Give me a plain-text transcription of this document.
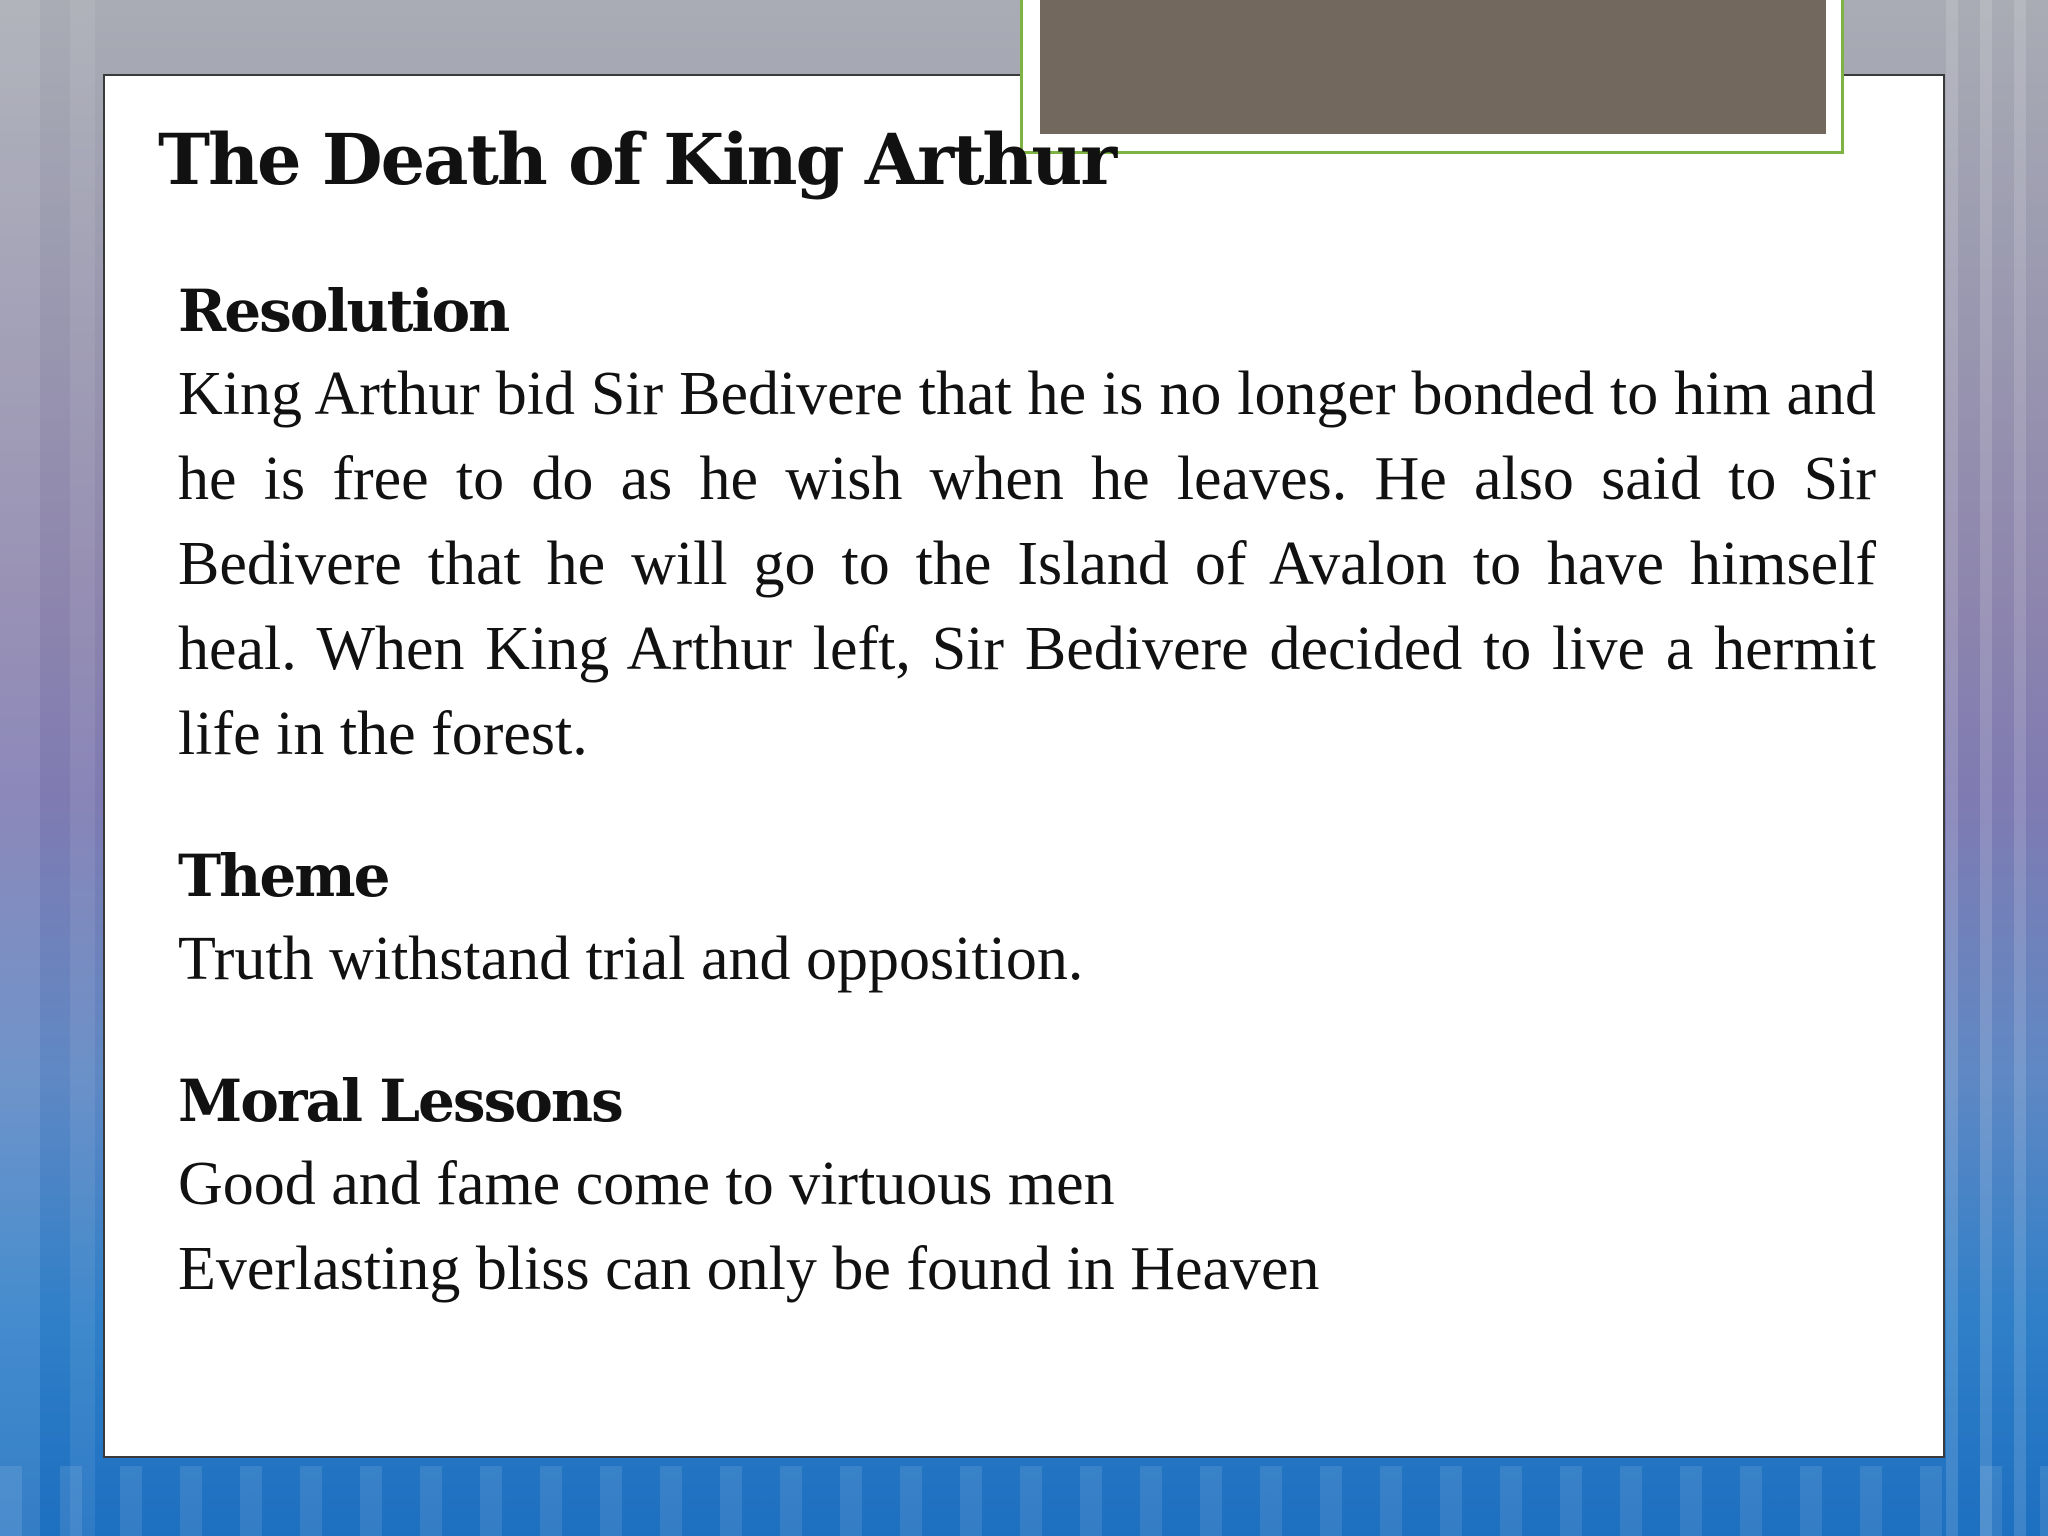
The Death of King Arthur

Resolution

King Arthur bid Sir Bedivere that he is no longer bonded to him and he is free to do as he wish when he leaves. He also said to Sir Bedivere that he will go to the Island of Avalon to have himself heal. When King Arthur left, Sir Bedivere decided to live a hermit life in the forest.

Theme

Truth withstand trial and opposition.

Moral Lessons

Good and fame come to virtuous men

Everlasting bliss can only be found in Heaven
